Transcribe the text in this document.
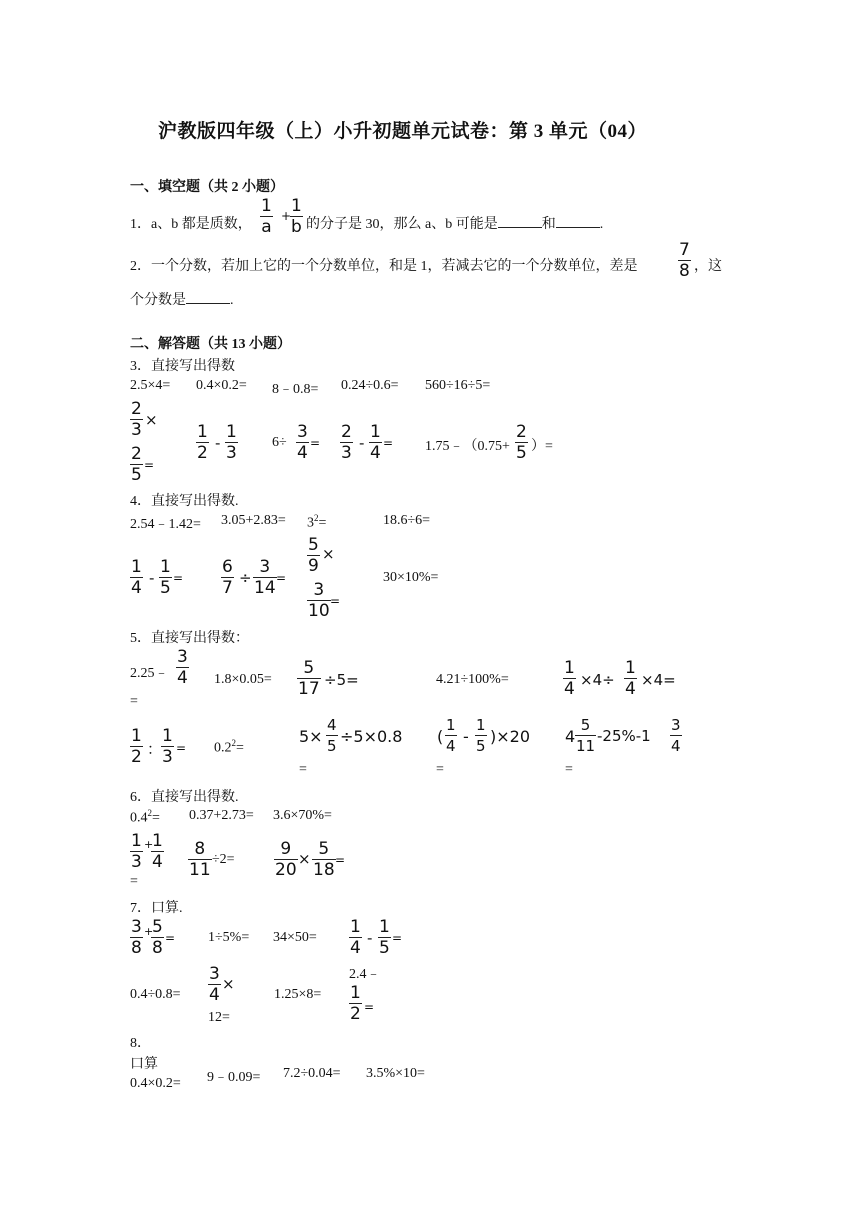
沪教版四年级（上）小升初题单元试卷：第 3 单元（04）
一、填空题（共 2 小题）
1．a、b 都是质数，
1
a
+ 1
b 的分子是 30，那么 a、b 可能是	和	.
2．一个分数，若加上它的一个分数单位，和是 1，若减去它的一个分数单位，差是
7
8 ，这
个分数是	.
二、解答题（共 13 小题）
3．直接写出得数
2.5×4= 0.4×0.2= 8﹣0.8= 0.24÷0.6= 560÷16÷5=
2
3 ×
2
5 =
1
2 -
1
3
6÷
3
4 =
2
3 -
1
4 = 1.75﹣（0.75+
2
5 ）=
4．直接写出得数.
2.54﹣1.42= $3.05+2.83= 3^2=$	18.6÷6=
1
4 -
1
5 =
6
7 ÷
3
14 =
5
9
×
3
10 =
30×10%=
5．直接写出得数：
2.25﹣
3
4
=
1.8×0.05=
5
17 ÷5=	4.21÷100%=
1
4 ×4÷
1
4 ×4=
1
2 ：
1
$3 = 0.2^2=$
5×
4
5 ÷5×0.8
=
(
1
4 -
1
5 )×20
=
4
5
11
-25%-1
3
4
=
6．直接写出得数.
$0.4^2= 0.37+2.73= 3.6\times 70\%=$
1
3
+
1
4
=
8
11
÷2=
9
20
× 5
18 =
7．口算.
3
8
+
5
8 = 1÷5%= 34×50=
1
4 -
1
5 =
0.4÷0.8=
3
4
×
12=
1.25×8=
2.4﹣
1
2 =
8．
口算
0.4×0.2= 9﹣0.09= 7.2÷0.04= 3.5%×10=
